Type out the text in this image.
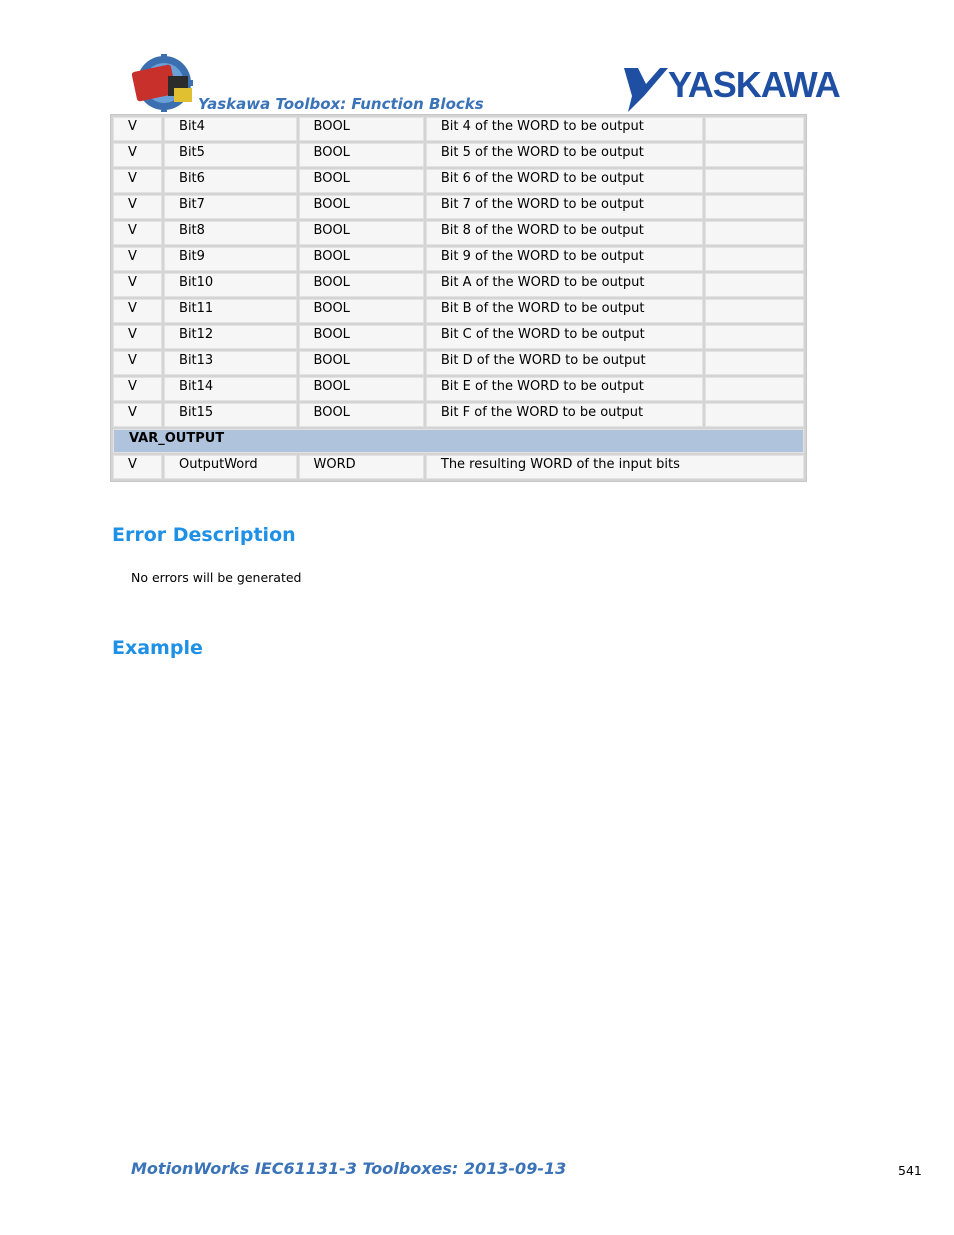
Yaskawa Toolbox: Function Blocks	YASKAWA
V	Bit4	BOOL	Bit 4 of the WORD to be output	
V	Bit5	BOOL	Bit 5 of the WORD to be output	
V	Bit6	BOOL	Bit 6 of the WORD to be output	
V	Bit7	BOOL	Bit 7 of the WORD to be output	
V	Bit8	BOOL	Bit 8 of the WORD to be output	
V	Bit9	BOOL	Bit 9 of the WORD to be output	
V	Bit10	BOOL	Bit A of the WORD to be output	
V	Bit11	BOOL	Bit B of the WORD to be output	
V	Bit12	BOOL	Bit C of the WORD to be output	
V	Bit13	BOOL	Bit D of the WORD to be output	
V	Bit14	BOOL	Bit E of the WORD to be output	
V	Bit15	BOOL	Bit F of the WORD to be output	
VAR_OUTPUT				
V	OutputWord	WORD	The resulting WORD of the input bits	
Error Description
No errors will be generated
Example
MotionWorks IEC61131-3 Toolboxes: 2013-09-13	541
